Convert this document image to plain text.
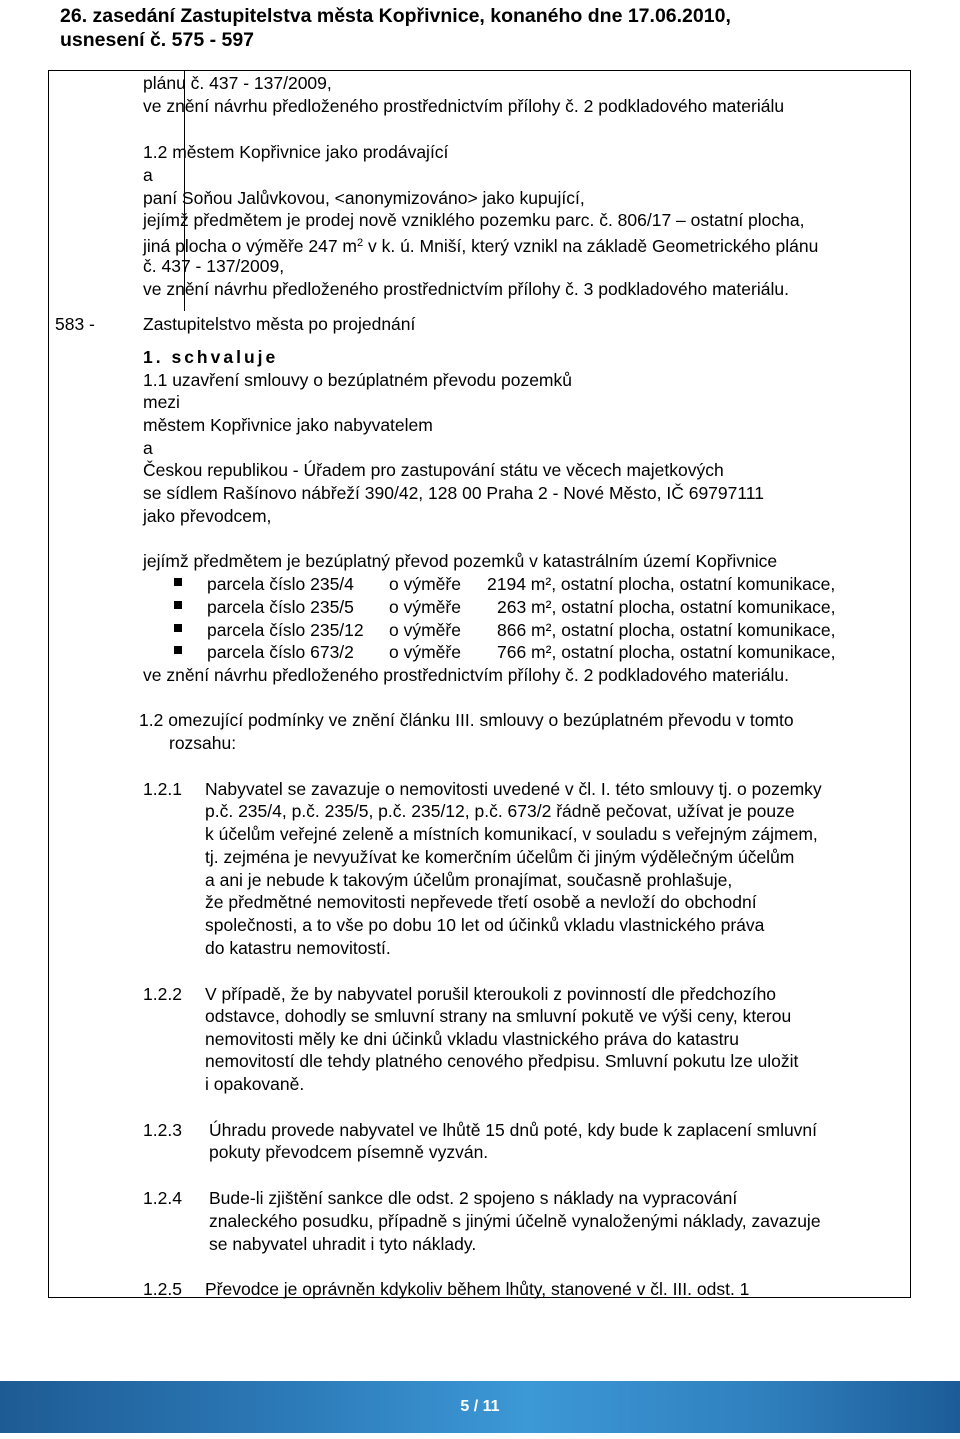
26. zasedání Zastupitelstva města Kopřivnice, konaného dne 17.06.2010,
usnesení č. 575 - 597
plánu č. 437 - 137/2009,
ve znění návrhu předloženého prostřednictvím přílohy č. 2 podkladového materiálu
1.2 městem Kopřivnice jako prodávající
a
paní Soňou Jalůvkovou, <anonymizováno> jako kupující,
jejímž předmětem je prodej nově vzniklého pozemku parc. č. 806/17 – ostatní plocha,
jiná plocha o výměře 247 $m^2$ v k. ú. Mniší, který vznikl na základě Geometrického plánu
č. 437 - 137/2009,
ve znění návrhu předloženého prostřednictvím přílohy č. 3 podkladového materiálu.
583 -	Zastupitelstvo města po projednání
1. schvaluje
1.1 uzavření smlouvy o bezúplatném převodu pozemků
mezi
městem Kopřivnice jako nabyvatelem
a
Českou republikou - Úřadem pro zastupování státu ve věcech majetkových
se sídlem Rašínovo nábřeží 390/42, 128 00 Praha 2 - Nové Město, IČ 69797111
jako převodcem,
jejímž předmětem je bezúplatný převod pozemků v katastrálním území Kopřivnice
parcela číslo 235/4 o výměře 2194 m², ostatní plocha, ostatní komunikace,
parcela číslo 235/5 o výměře 263 m², ostatní plocha, ostatní komunikace,
parcela číslo 235/12 o výměře 866 m², ostatní plocha, ostatní komunikace,
parcela číslo 673/2 o výměře 766 m², ostatní plocha, ostatní komunikace,
ve znění návrhu předloženého prostřednictvím přílohy č. 2 podkladového materiálu.
1.2 omezující podmínky ve znění článku III. smlouvy o bezúplatném převodu v tomto
rozsahu:
1.2.1 Nabyvatel se zavazuje o nemovitosti uvedené v čl. I. této smlouvy tj. o pozemky
p.č. 235/4, p.č. 235/5, p.č. 235/12, p.č. 673/2 řádně pečovat, užívat je pouze
k účelům veřejné zeleně a místních komunikací, v souladu s veřejným zájmem,
tj. zejména je nevyužívat ke komerčním účelům či jiným výdělečným účelům
a ani je nebude k takovým účelům pronajímat, současně prohlašuje,
že předmětné nemovitosti nepřevede třetí osobě a nevloží do obchodní
společnosti, a to vše po dobu 10 let od účinků vkladu vlastnického práva
do katastru nemovitostí.
1.2.2 V případě, že by nabyvatel porušil kteroukoli z povinností dle předchozího
odstavce, dohodly se smluvní strany na smluvní pokutě ve výši ceny, kterou
nemovitosti měly ke dni účinků vkladu vlastnického práva do katastru
nemovitostí dle tehdy platného cenového předpisu. Smluvní pokutu lze uložit
i opakovaně.
1.2.3 Úhradu provede nabyvatel ve lhůtě 15 dnů poté, kdy bude k zaplacení smluvní
pokuty převodcem písemně vyzván.
1.2.4 Bude-li zjištění sankce dle odst. 2 spojeno s náklady na vypracování
znaleckého posudku, případně s jinými účelně vynaloženými náklady, zavazuje
se nabyvatel uhradit i tyto náklady.
1.2.5 Převodce je oprávněn kdykoliv během lhůty, stanovené v čl. III. odst. 1
5 / 11
